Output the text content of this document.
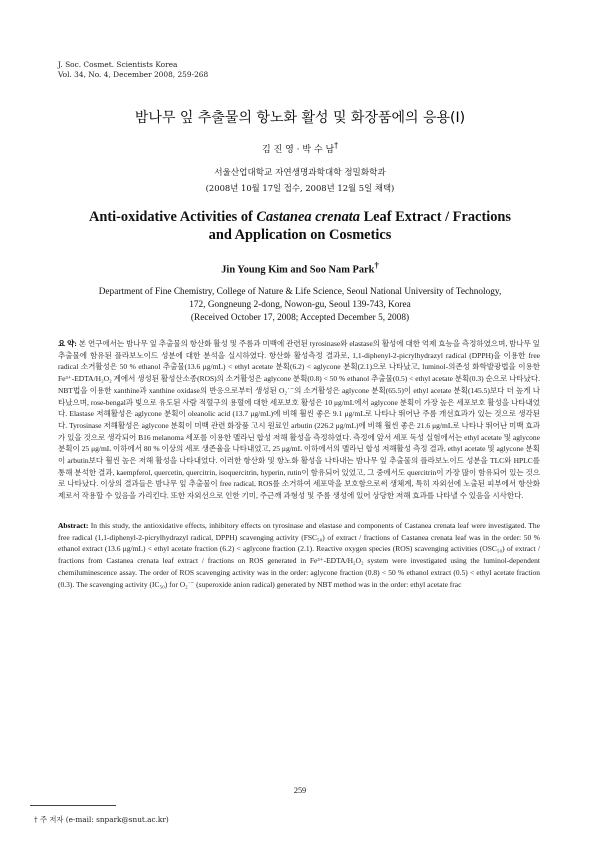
J. Soc. Cosmet. Scientists Korea
Vol. 34, No. 4, December 2008, 259-268
밤나무 잎 추출물의 항노화 활성 및 화장품에의 응용(Ⅰ)
김 진 영 · 박 수 남†
서울산업대학교 자연생명과학대학 정밀화학과
(2008년 10월 17일 접수, 2008년 12월 5일 채택)
Anti-oxidative Activities of Castanea crenata Leaf Extract / Fractions
and Application on Cosmetics
Jin Young Kim and Soo Nam Park†
Department of Fine Chemistry, College of Nature & Life Science, Seoul National University of Technology,
172, Gongneung 2-dong, Nowon-gu, Seoul 139-743, Korea
(Received October 17, 2008; Accepted December 5, 2008)
요 약: 본 연구에서는 밤나무 잎 추출물의 항산화 활성 및 주름과 미백에 관련된 tyrosinase와 elastase의 활성에 대한 억제 효능을 측정하였으며, 밤나무 잎 추출물에 함유된 플라보노이드 성분에 대한 분석을 실시하였다. 항산화 활성측정 결과로, 1,1-diphenyl-2-picrylhydrazyl radical (DPPH)을 이용한 free radical 소거활성은 50 % ethanol 추출물(13.6 μg/mL) < ethyl acetate 분획(6.2) < aglycone 분획(2.1)으로 나타났고, luminol-의존성 화학발광법을 이용한 Fe³⁺-EDTA/H₂O₂ 계에서 생성된 활성산소종(ROS)의 소거활성은 aglycone 분획(0.8) < 50 % ethanol 추출물(0.5) < ethyl acetate 분획(0.3) 순으로 나타났다. NBT법을 이용한 xanthine과 xanthine oxidase의 반응으로부터 생성된 O₂˙⁻의 소거활성은 aglycone 분획(65.5)이 ethyl acetate 분획(145.5)보다 더 높게 나타났으며, rose-bengal과 빛으로 유도된 사람 적혈구의 용혈에 대한 세포보호 활성은 10 μg/mL에서 aglycone 분획이 가장 높은 세포보호 활성을 나타내었다. Elastase 저해활성은 aglycone 분획이 oleanolic acid (13.7 μg/mL)에 비해 훨씬 좋은 9.1 μg/mL로 나타나 뛰어난 주름 개선효과가 있는 것으로 생각된다. Tyrosinase 저해활성은 aglycone 분획이 미백 관련 화장품 고시 원료인 arbutin (226.2 μg/mL)에 비해 훨씬 좋은 21.6 μg/mL로 나타나 뛰어난 미백 효과가 있을 것으로 생각되어 B16 melanoma 세포를 이용한 멜라닌 합성 저해 활성을 측정하였다. 측정에 앞서 세포 독성 실험에서는 ethyl acetate 및 aglycone 분획이 25 μg/mL 이하에서 80 % 이상의 세포 생존율을 나타내었고, 25 μg/mL 이하에서의 멜라닌 합성 저해활성 측정 결과, ethyl acetate 및 aglycone 분획이 arbutin보다 훨씬 높은 저해 활성을 나타내었다. 이러한 항산화 및 항노화 활성을 나타내는 밤나무 잎 추출물의 플라보노이드 성분을 TLC와 HPLC를 통해 분석한 결과, kaempferol, quercetin, quercitrin, isoquercitrin, hyperin, rutin이 함유되어 있었고, 그 중에서도 quercitrin이 가장 많이 함유되어 있는 것으로 나타났다. 이상의 결과들은 밤나무 잎 추출물이 free radical, ROS를 소거하여 세포막을 보호함으로써 생체계, 특히 자외선에 노출된 피부에서 항산화제로서 작용할 수 있음을 가리킨다. 또한 자외선으로 인한 기미, 주근깨 과형성 및 주름 생성에 있어 상당한 저해 효과를 나타낼 수 있음을 시사한다.
Abstract: In this study, the antioxidative effects, inhibitory effects on tyrosinase and elastase and components of Castanea crenata leaf were investigated. The free radical (1,1-diphenyl-2-picrylhydrazyl radical, DPPH) scavenging activity (FSC₅₀) of extract / fractions of Castanea crenata leaf was in the order: 50 % ethanol extract (13.6 μg/mL) < ethyl acetate fraction (6.2) < aglycone fraction (2.1). Reactive oxygen species (ROS) scavenging activities (OSC₅₀) of extract / fractions from Castanea crenata leaf extract / fractions on ROS generated in Fe³⁺-EDTA/H₂O₂ system were investigated using the luminol-dependent chemiluminescence assay. The order of ROS scavenging activity was in the order: aglycone fraction (0.8) < 50 % ethanol extract (0.5) < ethyl acetate fraction (0.3). The scavenging activity (IC₅₀) for O₂˙⁻ (superoxide anion radical) generated by NBT method was in the order: ethyl acetate frac
259
† 주 저자 (e-mail: snpark@snut.ac.kr)
